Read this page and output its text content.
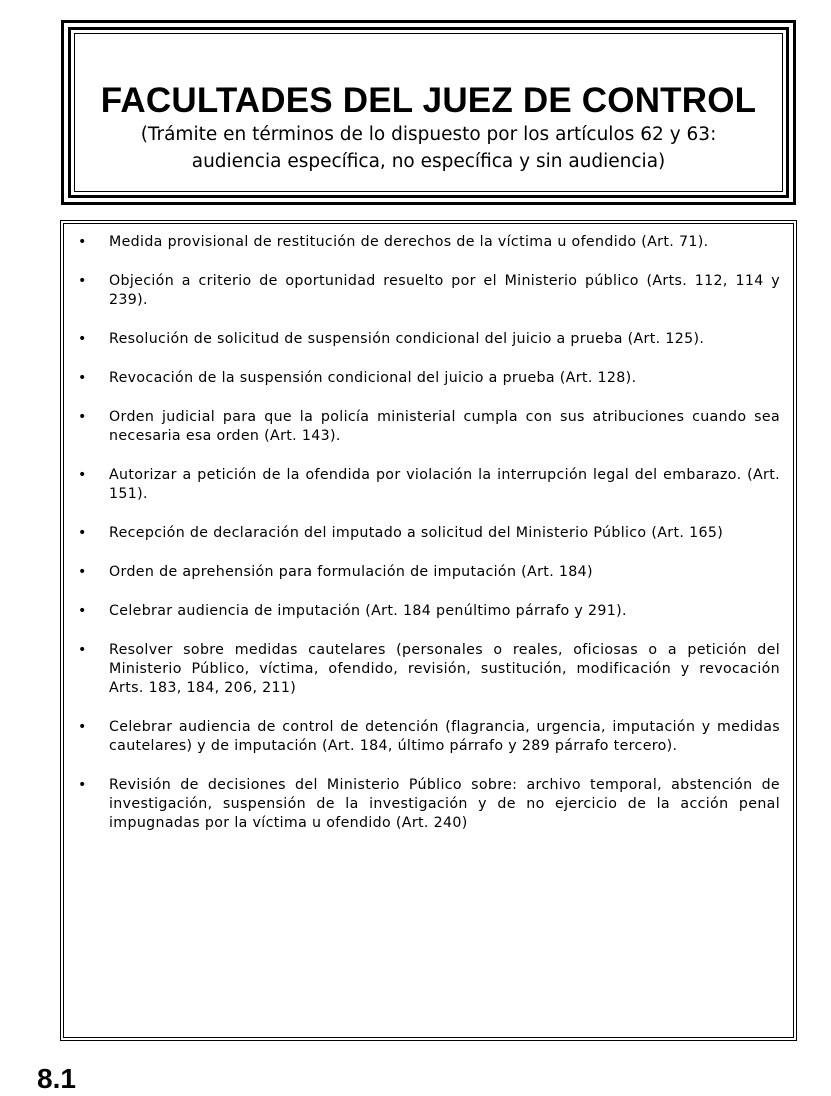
FACULTADES DEL JUEZ DE CONTROL

(Trámite en términos de lo dispuesto por los artículos 62 y 63: audiencia específica, no específica y sin audiencia)

• Medida provisional de restitución de derechos de la víctima u ofendido (Art. 71).
• Objeción a criterio de oportunidad resuelto por el Ministerio público (Arts. 112, 114 y 239).
• Resolución de solicitud de suspensión condicional del juicio a prueba (Art. 125).
• Revocación de la suspensión condicional del juicio a prueba (Art. 128).
• Orden judicial para que la policía ministerial cumpla con sus atribuciones cuando sea necesaria esa orden (Art. 143).
• Autorizar a petición de la ofendida por violación la interrupción legal del embarazo. (Art. 151).
• Recepción de declaración del imputado a solicitud del Ministerio Público (Art. 165)
• Orden de aprehensión para formulación de imputación (Art. 184)
• Celebrar audiencia de imputación (Art. 184 penúltimo párrafo y 291).
• Resolver sobre medidas cautelares (personales o reales, oficiosas o a petición del Ministerio Público, víctima, ofendido, revisión, sustitución, modificación y revocación Arts. 183, 184, 206, 211)
• Celebrar audiencia de control de detención (flagrancia, urgencia, imputación y medidas cautelares) y de imputación (Art. 184, último párrafo y 289 párrafo tercero).
• Revisión de decisiones del Ministerio Público sobre: archivo temporal, abstención de investigación, suspensión de la investigación y de no ejercicio de la acción penal impugnadas por la víctima u ofendido (Art. 240)
8.1
